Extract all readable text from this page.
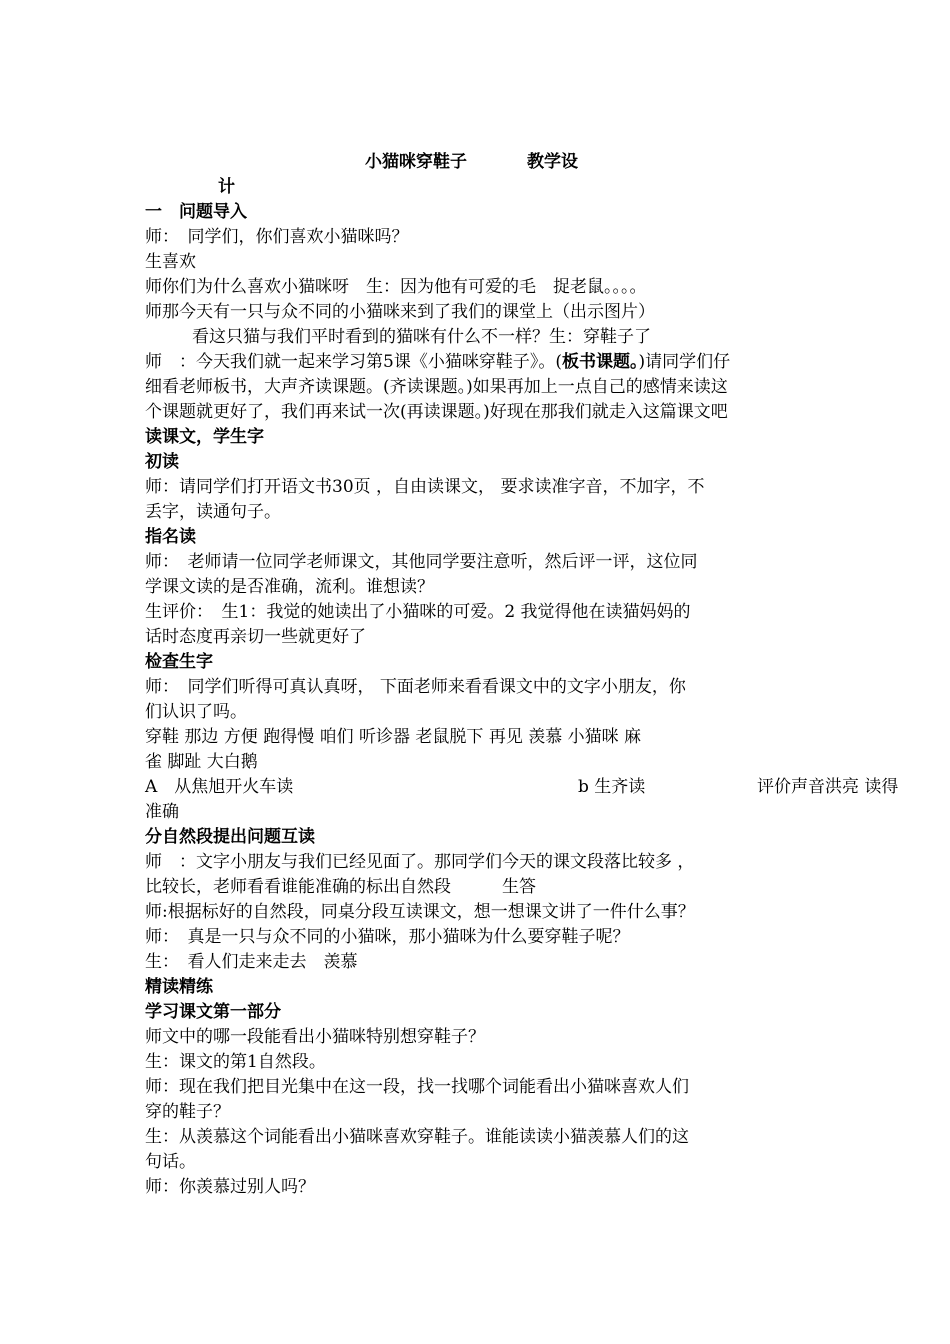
小猫咪穿鞋子	教学设
计
一　问题导入
师：　同学们，你们喜欢小猫咪吗？
生喜欢
师你们为什么喜欢小猫咪呀　生：因为他有可爱的毛　捉老鼠。。。。
师那今天有一只与众不同的小猫咪来到了我们的课堂上（出示图片）
看这只猫与我们平时看到的猫咪有什么不一样？生：穿鞋子了
师　：今天我们就一起来学习第5课《小猫咪穿鞋子》。(板书课题。)请同学们仔
细看老师板书，大声齐读课题。(齐读课题。)如果再加上一点自己的感情来读这
个课题就更好了，我们再来试一次(再读课题。)好现在那我们就走入这篇课文吧
读课文，学生字
初读
师：请同学们打开语文书30页 ，自由读课文， 要求读准字音，不加字，不
丢字，读通句子。
指名读
师：　老师请一位同学老师课文，其他同学要注意听，然后评一评，这位同
学课文读的是否准确，流利。谁想读？
生评价：　生1：我觉的她读出了小猫咪的可爱。2 我觉得他在读猫妈妈的
话时态度再亲切一些就更好了
检查生字
师：　同学们听得可真认真呀， 下面老师来看看课文中的文字小朋友，你
们认识了吗。
穿鞋 那边 方便 跑得慢 咱们 听诊器 老鼠脱下 再见 羡慕 小猫咪 麻
雀 脚趾 大白鹅
A　从焦旭开火车读	b 生齐读	评价声音洪亮 读得
准确
分自然段提出问题互读
师　：文字小朋友与我们已经见面了。那同学们今天的课文段落比较多 ，
比较长，老师看看谁能准确的标出自然段　　　生答
师:根据标好的自然段，同桌分段互读课文，想一想课文讲了一件什么事？
师：　真是一只与众不同的小猫咪，那小猫咪为什么要穿鞋子呢？
生：　看人们走来走去　羡慕
精读精练
学习课文第一部分
师文中的哪一段能看出小猫咪特别想穿鞋子？
生：课文的第1自然段。
师：现在我们把目光集中在这一段，找一找哪个词能看出小猫咪喜欢人们
穿的鞋子？
生：从羡慕这个词能看出小猫咪喜欢穿鞋子。谁能读读小猫羡慕人们的这
句话。
师：你羡慕过别人吗？
